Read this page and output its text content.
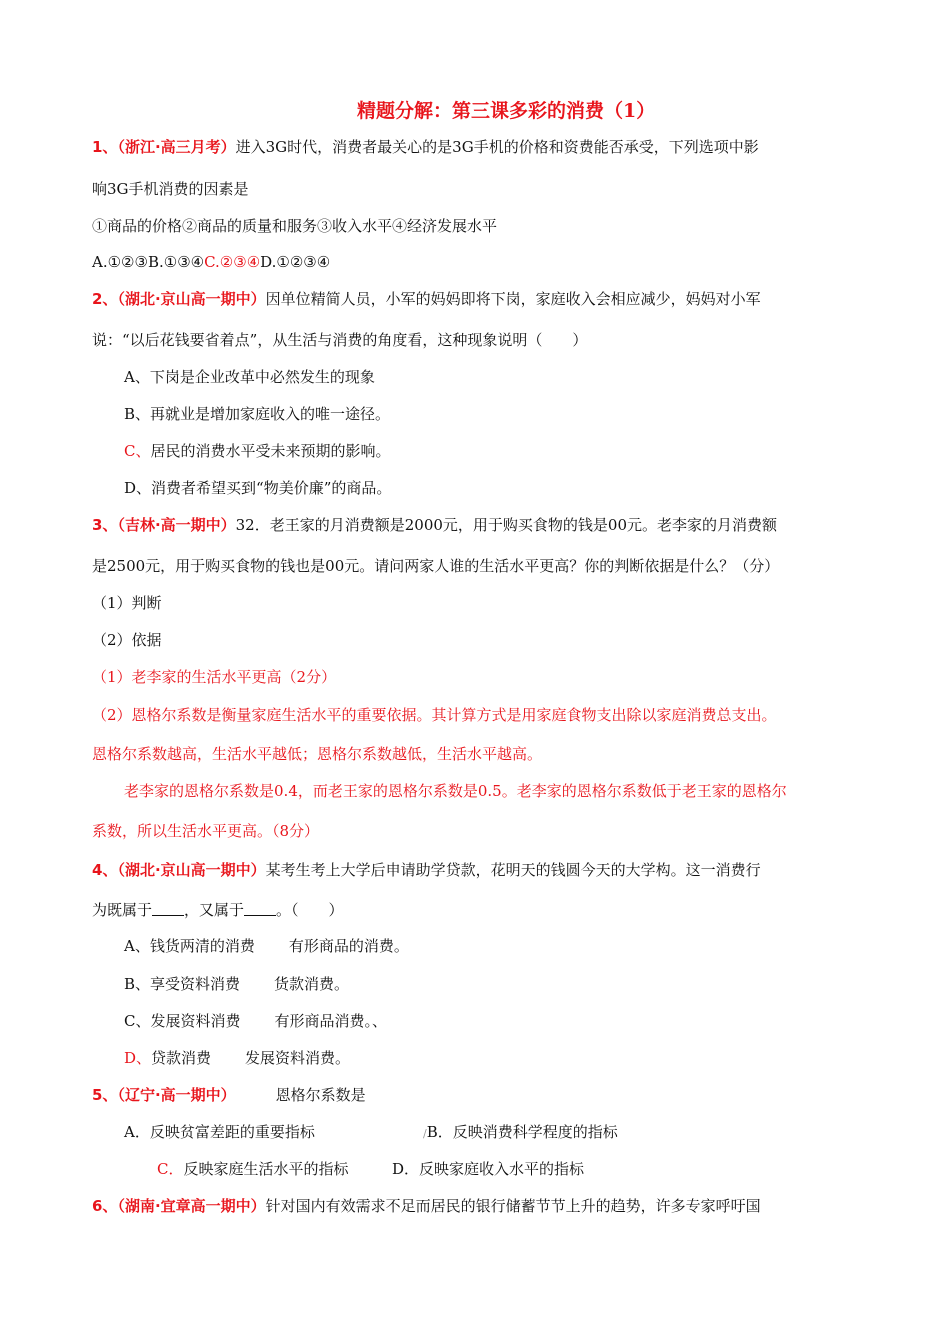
精题分解：第三课多彩的消费（1）
1、（浙江·高三月考）进入3G时代，消费者最关心的是3G手机的价格和资费能否承受，下列选项中影
响3G手机消费的因素是
①商品的价格②商品的质量和服务③收入水平④经济发展水平
A.①②③B.①③④C.②③④D.①②③④
2、（湖北·京山高一期中）因单位精简人员，小军的妈妈即将下岗，家庭收入会相应减少，妈妈对小军
说：“以后花钱要省着点”，从生活与消费的角度看，这种现象说明（　　）
A、下岗是企业改革中必然发生的现象
B、再就业是增加家庭收入的唯一途径。
C、居民的消费水平受未来预期的影响。
D、消费者希望买到“物美价廉”的商品。
3、（吉林·高一期中）32．老王家的月消费额是2000元，用于购买食物的钱是00元。老李家的月消费额
是2500元，用于购买食物的钱也是00元。请问两家人谁的生活水平更高？你的判断依据是什么？（分）
（1）判断
（2）依据
（1）老李家的生活水平更高（2分）
（2）恩格尔系数是衡量家庭生活水平的重要依据。其计算方式是用家庭食物支出除以家庭消费总支出。
恩格尔系数越高，生活水平越低；恩格尔系数越低，生活水平越高。
老李家的恩格尔系数是0.4，而老王家的恩格尔系数是0.5。老李家的恩格尔系数低于老王家的恩格尔
系数，所以生活水平更高。（8分）
4、（湖北·京山高一期中）某考生考上大学后申请助学贷款，花明天的钱圆今天的大学构。这一消费行
为既属于 ，又属于 。（　　）
A、钱货两清的消费 有形商品的消费。
B、享受资料消费 货款消费。
C、发展资料消费 有形商品消费。、
D、贷款消费 发展资料消费。
5、（辽宁·高一期中）	恩格尔系数是
A．反映贫富差距的重要指标	/B．反映消费科学程度的指标
C．反映家庭生活水平的指标	D．反映家庭收入水平的指标
6、（湖南·宜章高一期中）针对国内有效需求不足而居民的银行储蓄节节上升的趋势，许多专家呼吁国
